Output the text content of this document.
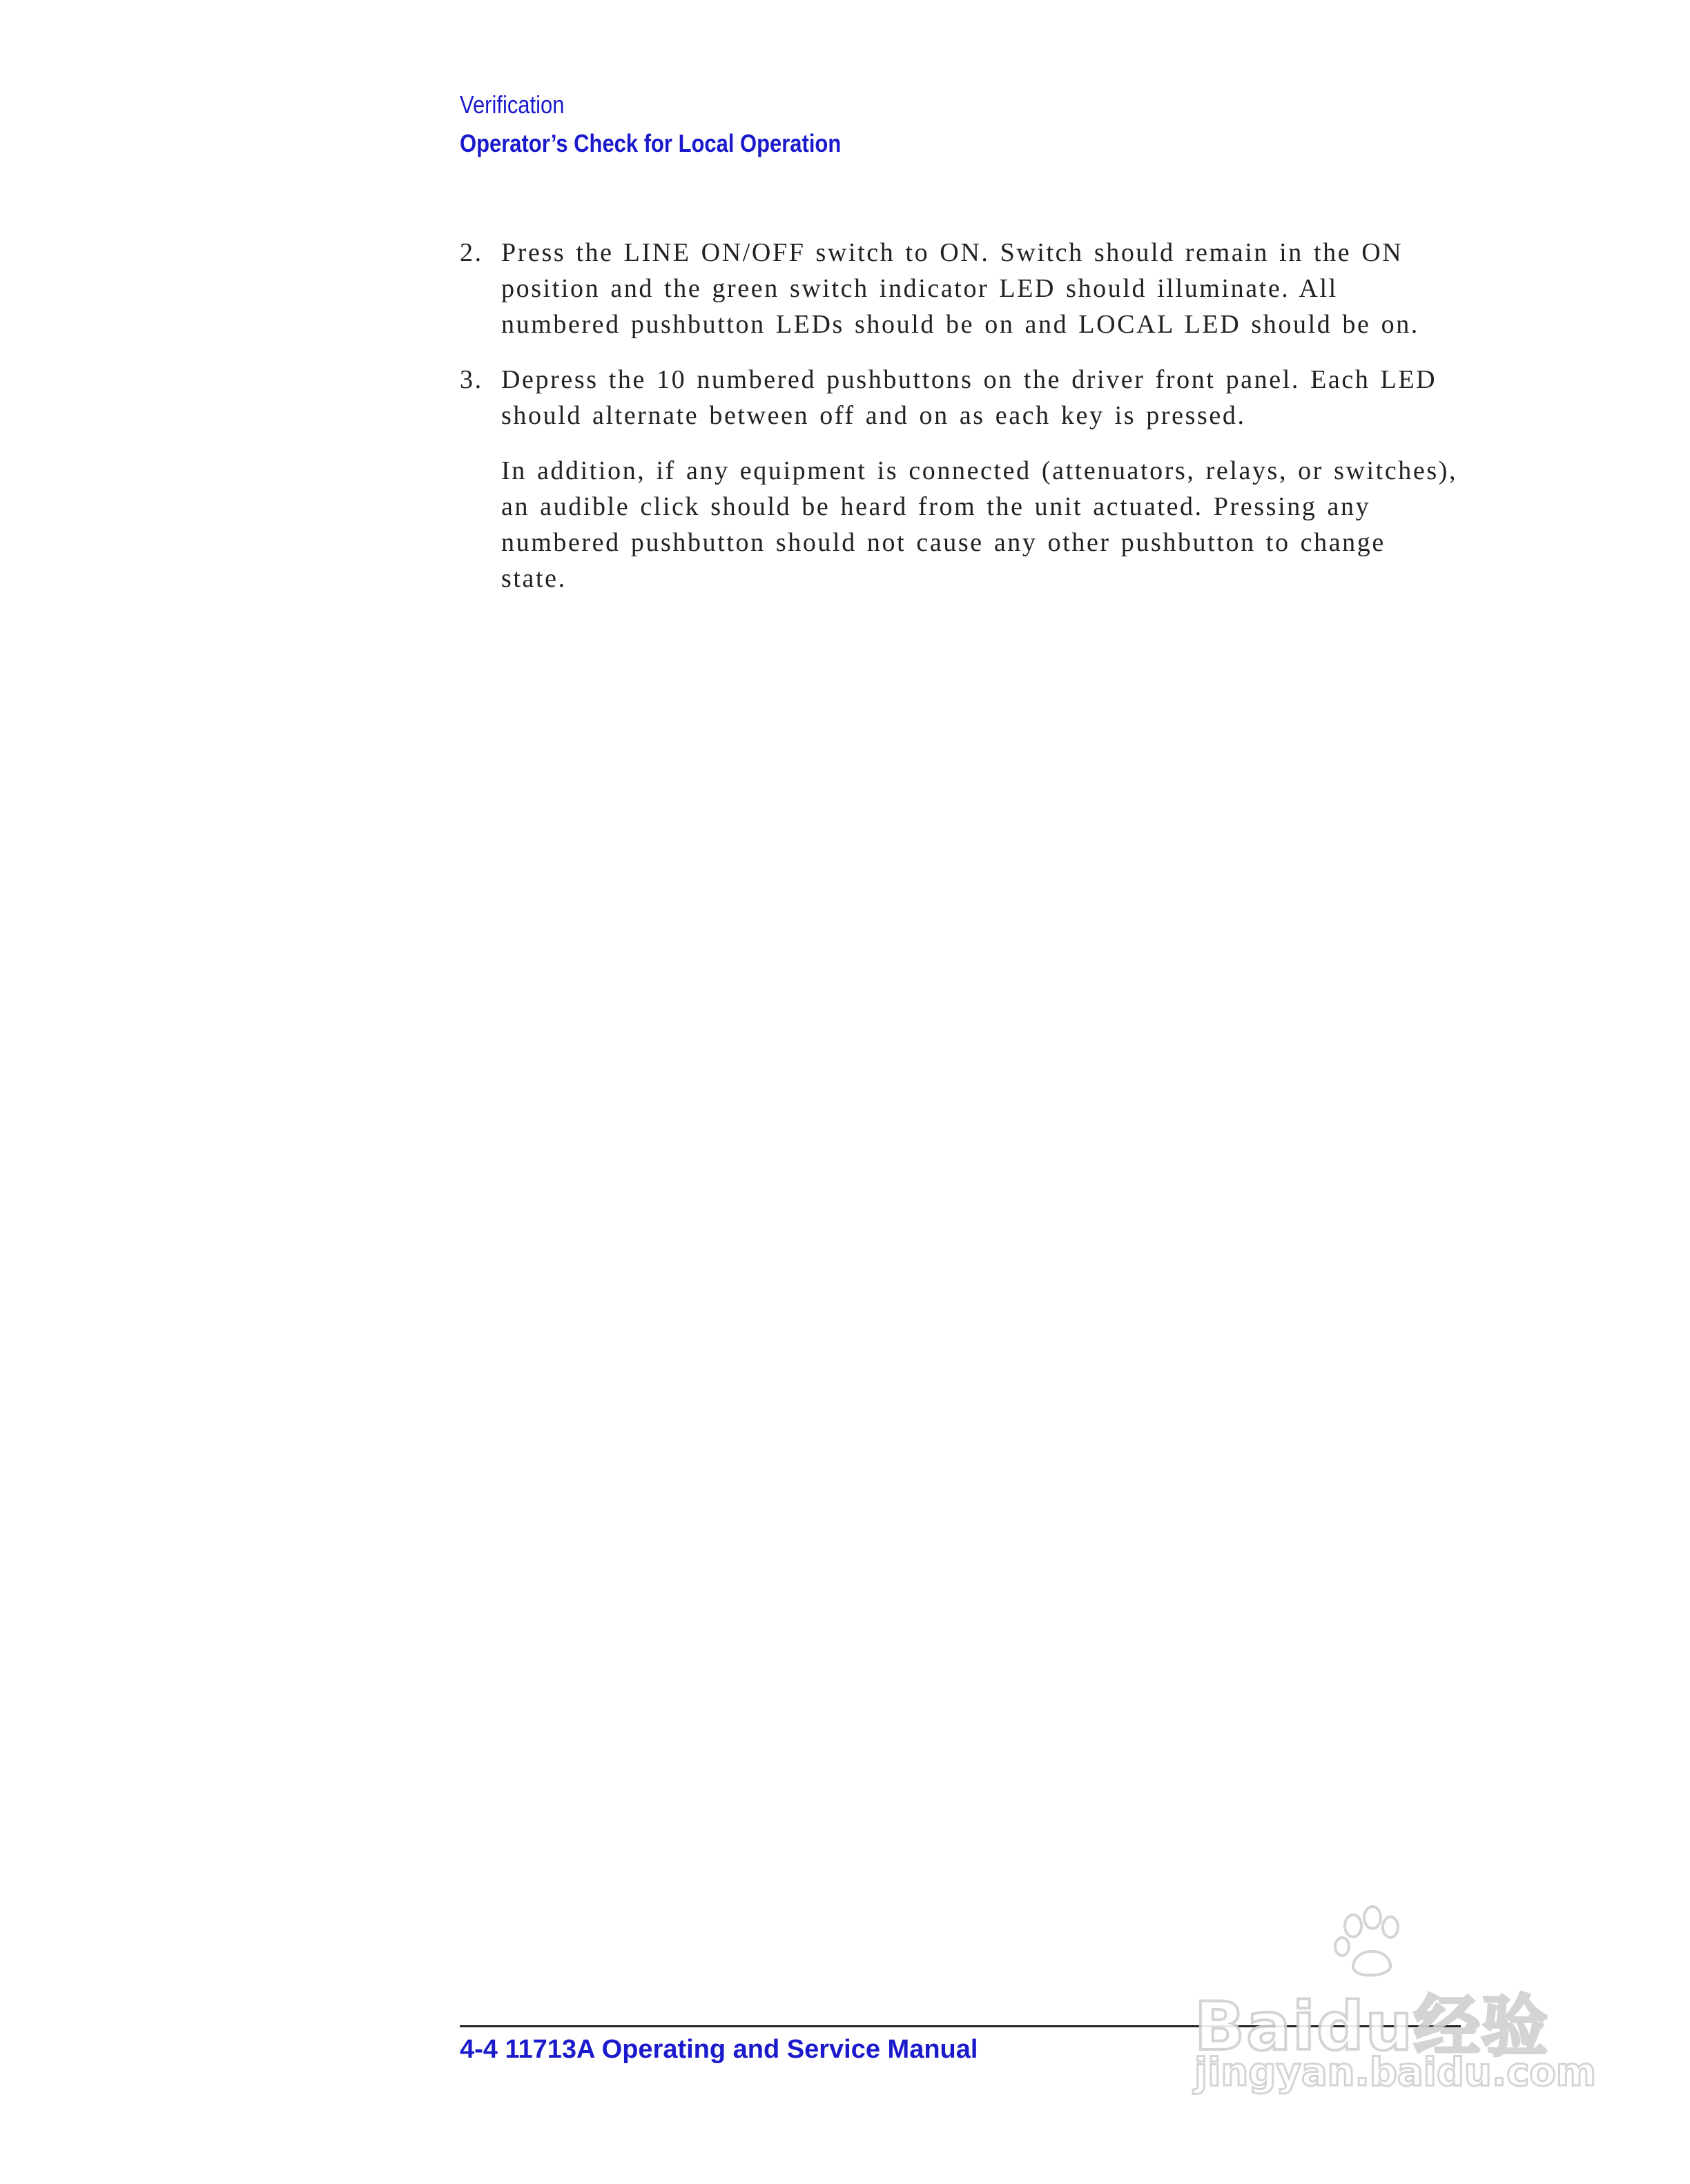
Verification
Operator’s Check for Local Operation
2. Press the LINE ON/OFF switch to ON. Switch should remain in the ON position and the green switch indicator LED should illuminate. All numbered pushbutton LEDs should be on and LOCAL LED should be on.
3. Depress the 10 numbered pushbuttons on the driver front panel. Each LED should alternate between off and on as each key is pressed.
In addition, if any equipment is connected (attenuators, relays, or switches), an audible click should be heard from the unit actuated. Pressing any numbered pushbutton should not cause any other pushbutton to change state.
4-4 11713A Operating and Service Manual	Baidu经验
jingyan.baidu.com
